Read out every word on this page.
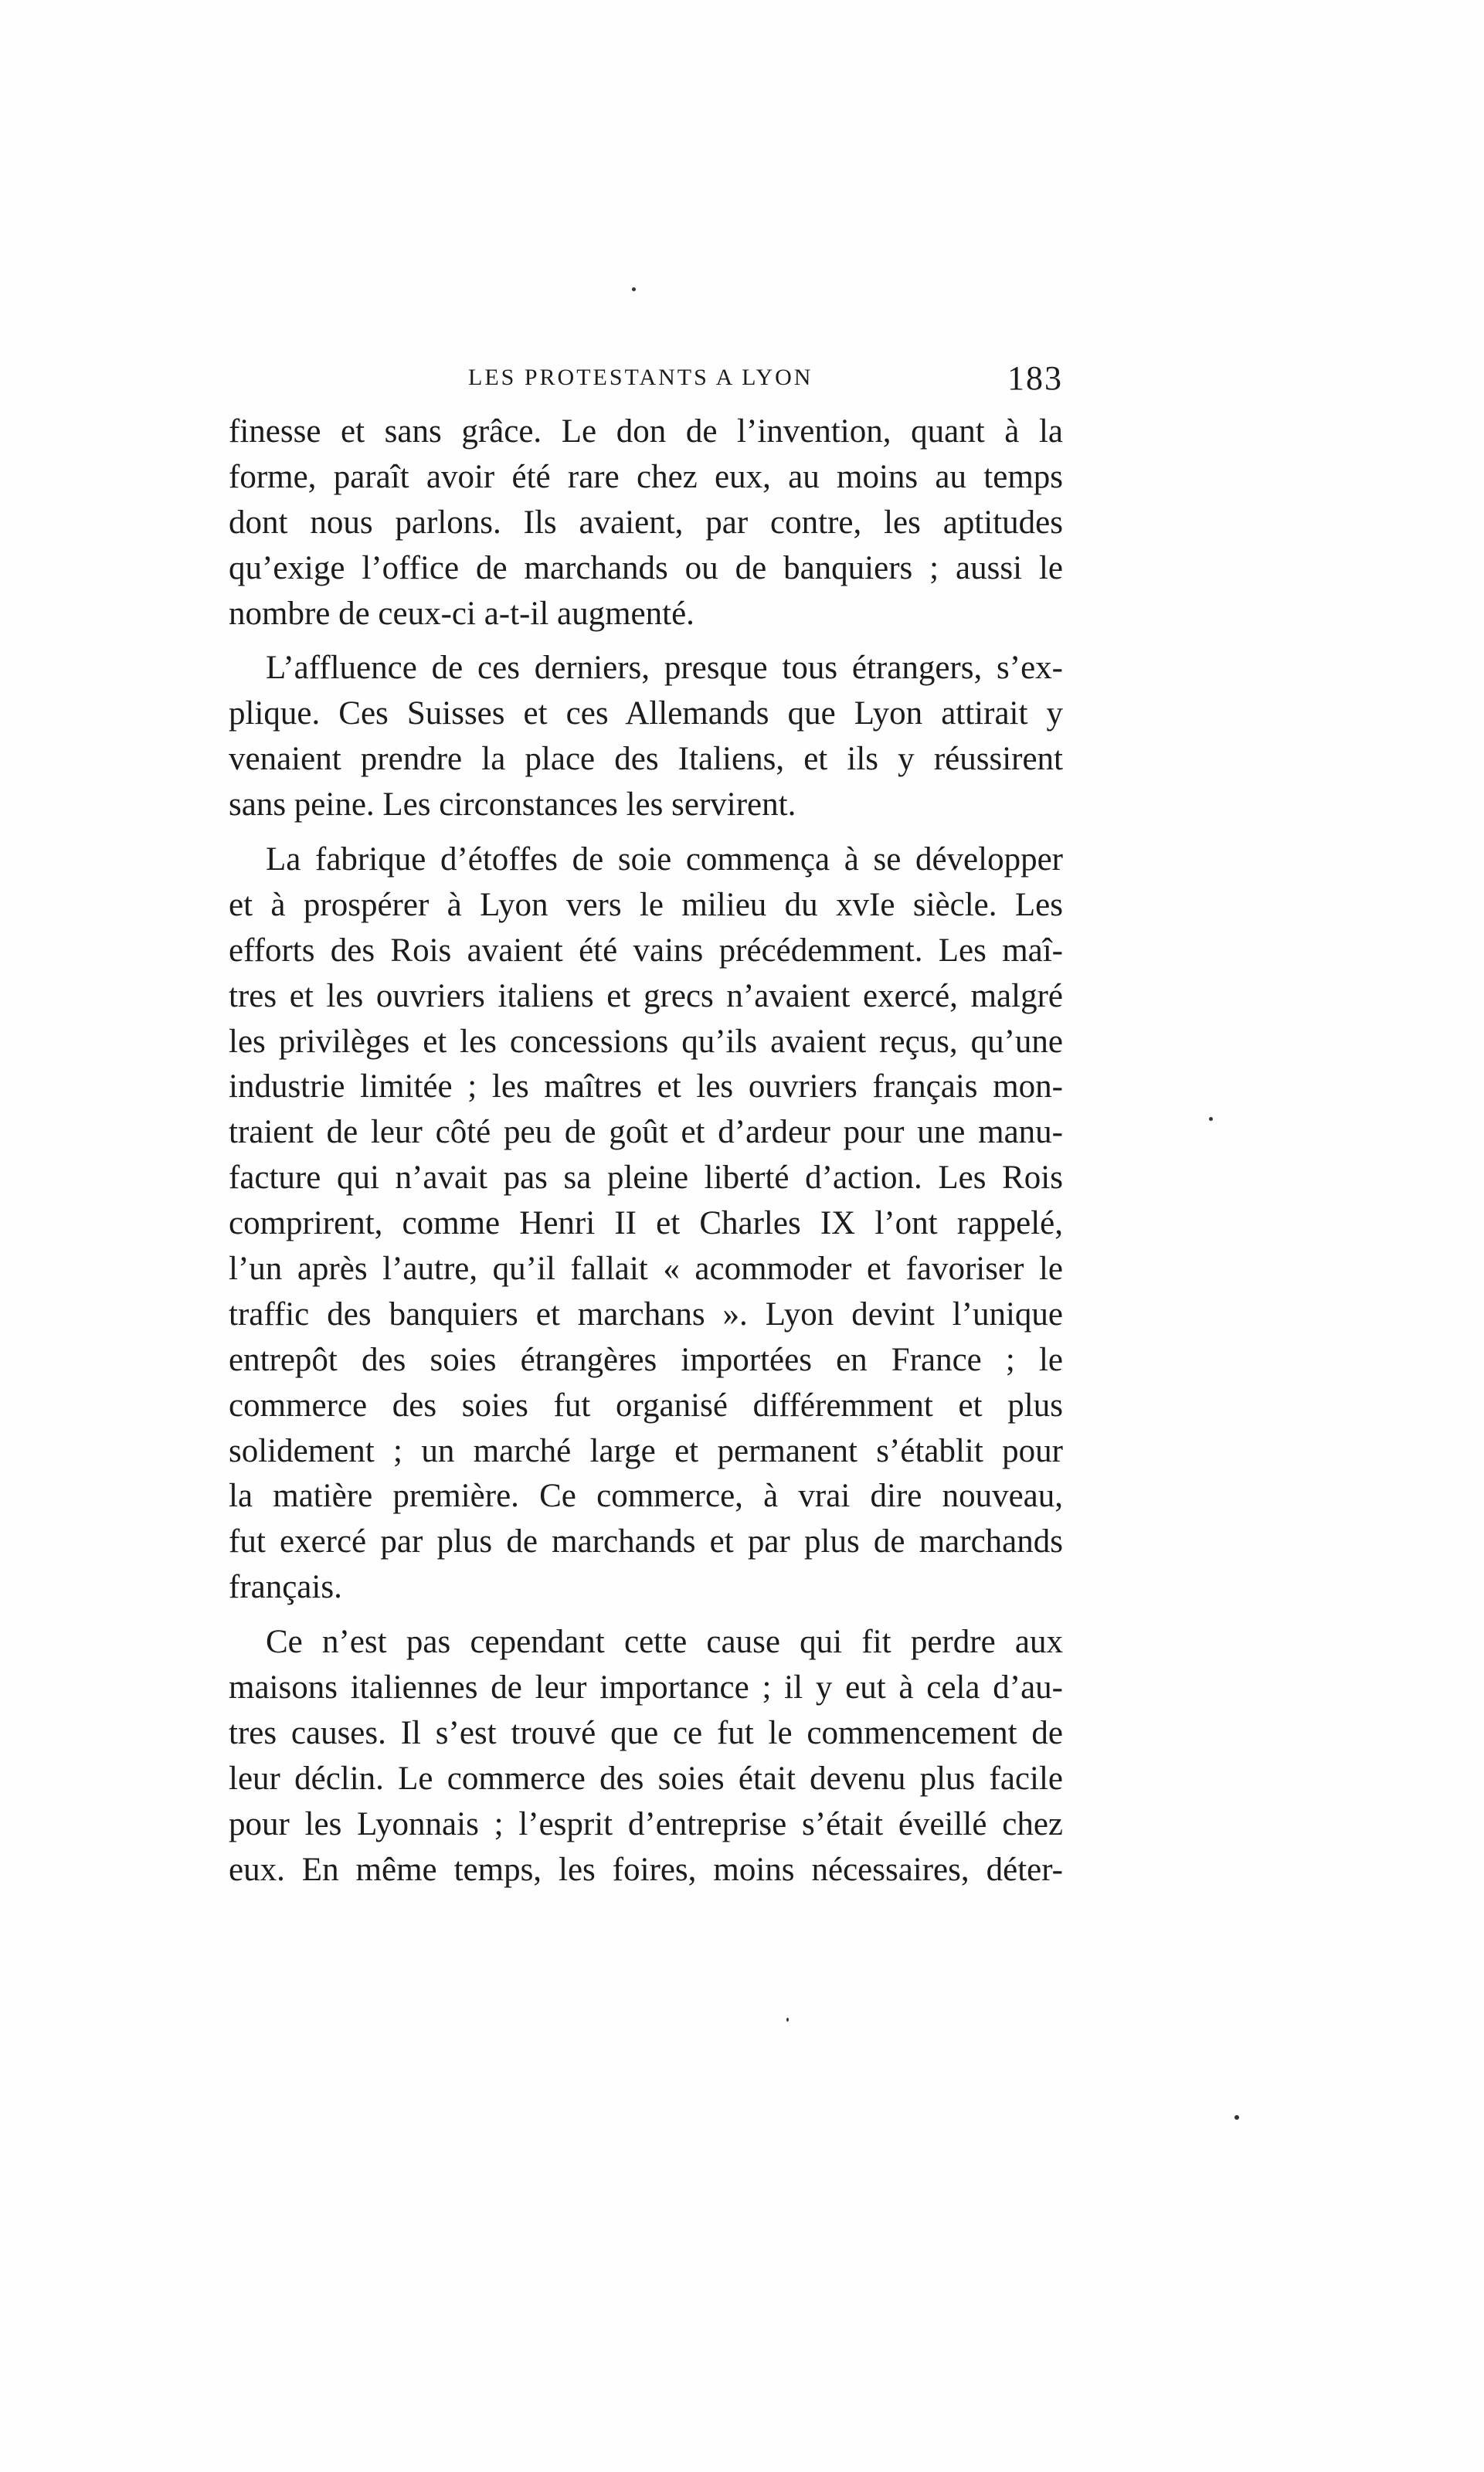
LES PROTESTANTS A LYON	183
finesse et sans grâce. Le don de l’invention, quant à la
forme, paraît avoir été rare chez eux, au moins au temps
dont nous parlons. Ils avaient, par contre, les aptitudes
qu’exige l’office de marchands ou de banquiers ; aussi le
nombre de ceux-ci a-t-il augmenté.
L’affluence de ces derniers, presque tous étrangers, s’ex-
plique. Ces Suisses et ces Allemands que Lyon attirait y
venaient prendre la place des Italiens, et ils y réussirent
sans peine. Les circonstances les servirent.
La fabrique d’étoffes de soie commença à se développer
et à prospérer à Lyon vers le milieu du xvIe siècle. Les
efforts des Rois avaient été vains précédemment. Les maî-
tres et les ouvriers italiens et grecs n’avaient exercé, malgré
les privilèges et les concessions qu’ils avaient reçus, qu’une
industrie limitée ; les maîtres et les ouvriers français mon-
traient de leur côté peu de goût et d’ardeur pour une manu-
facture qui n’avait pas sa pleine liberté d’action. Les Rois
comprirent, comme Henri II et Charles IX l’ont rappelé,
l’un après l’autre, qu’il fallait « acommoder et favoriser le
traffic des banquiers et marchans ». Lyon devint l’unique
entrepôt des soies étrangères importées en France ; le
commerce des soies fut organisé différemment et plus
solidement ; un marché large et permanent s’établit pour
la matière première. Ce commerce, à vrai dire nouveau,
fut exercé par plus de marchands et par plus de marchands
français.
Ce n’est pas cependant cette cause qui fit perdre aux
maisons italiennes de leur importance ; il y eut à cela d’au-
tres causes. Il s’est trouvé que ce fut le commencement de
leur déclin. Le commerce des soies était devenu plus facile
pour les Lyonnais ; l’esprit d’entreprise s’était éveillé chez
eux. En même temps, les foires, moins nécessaires, déter-
